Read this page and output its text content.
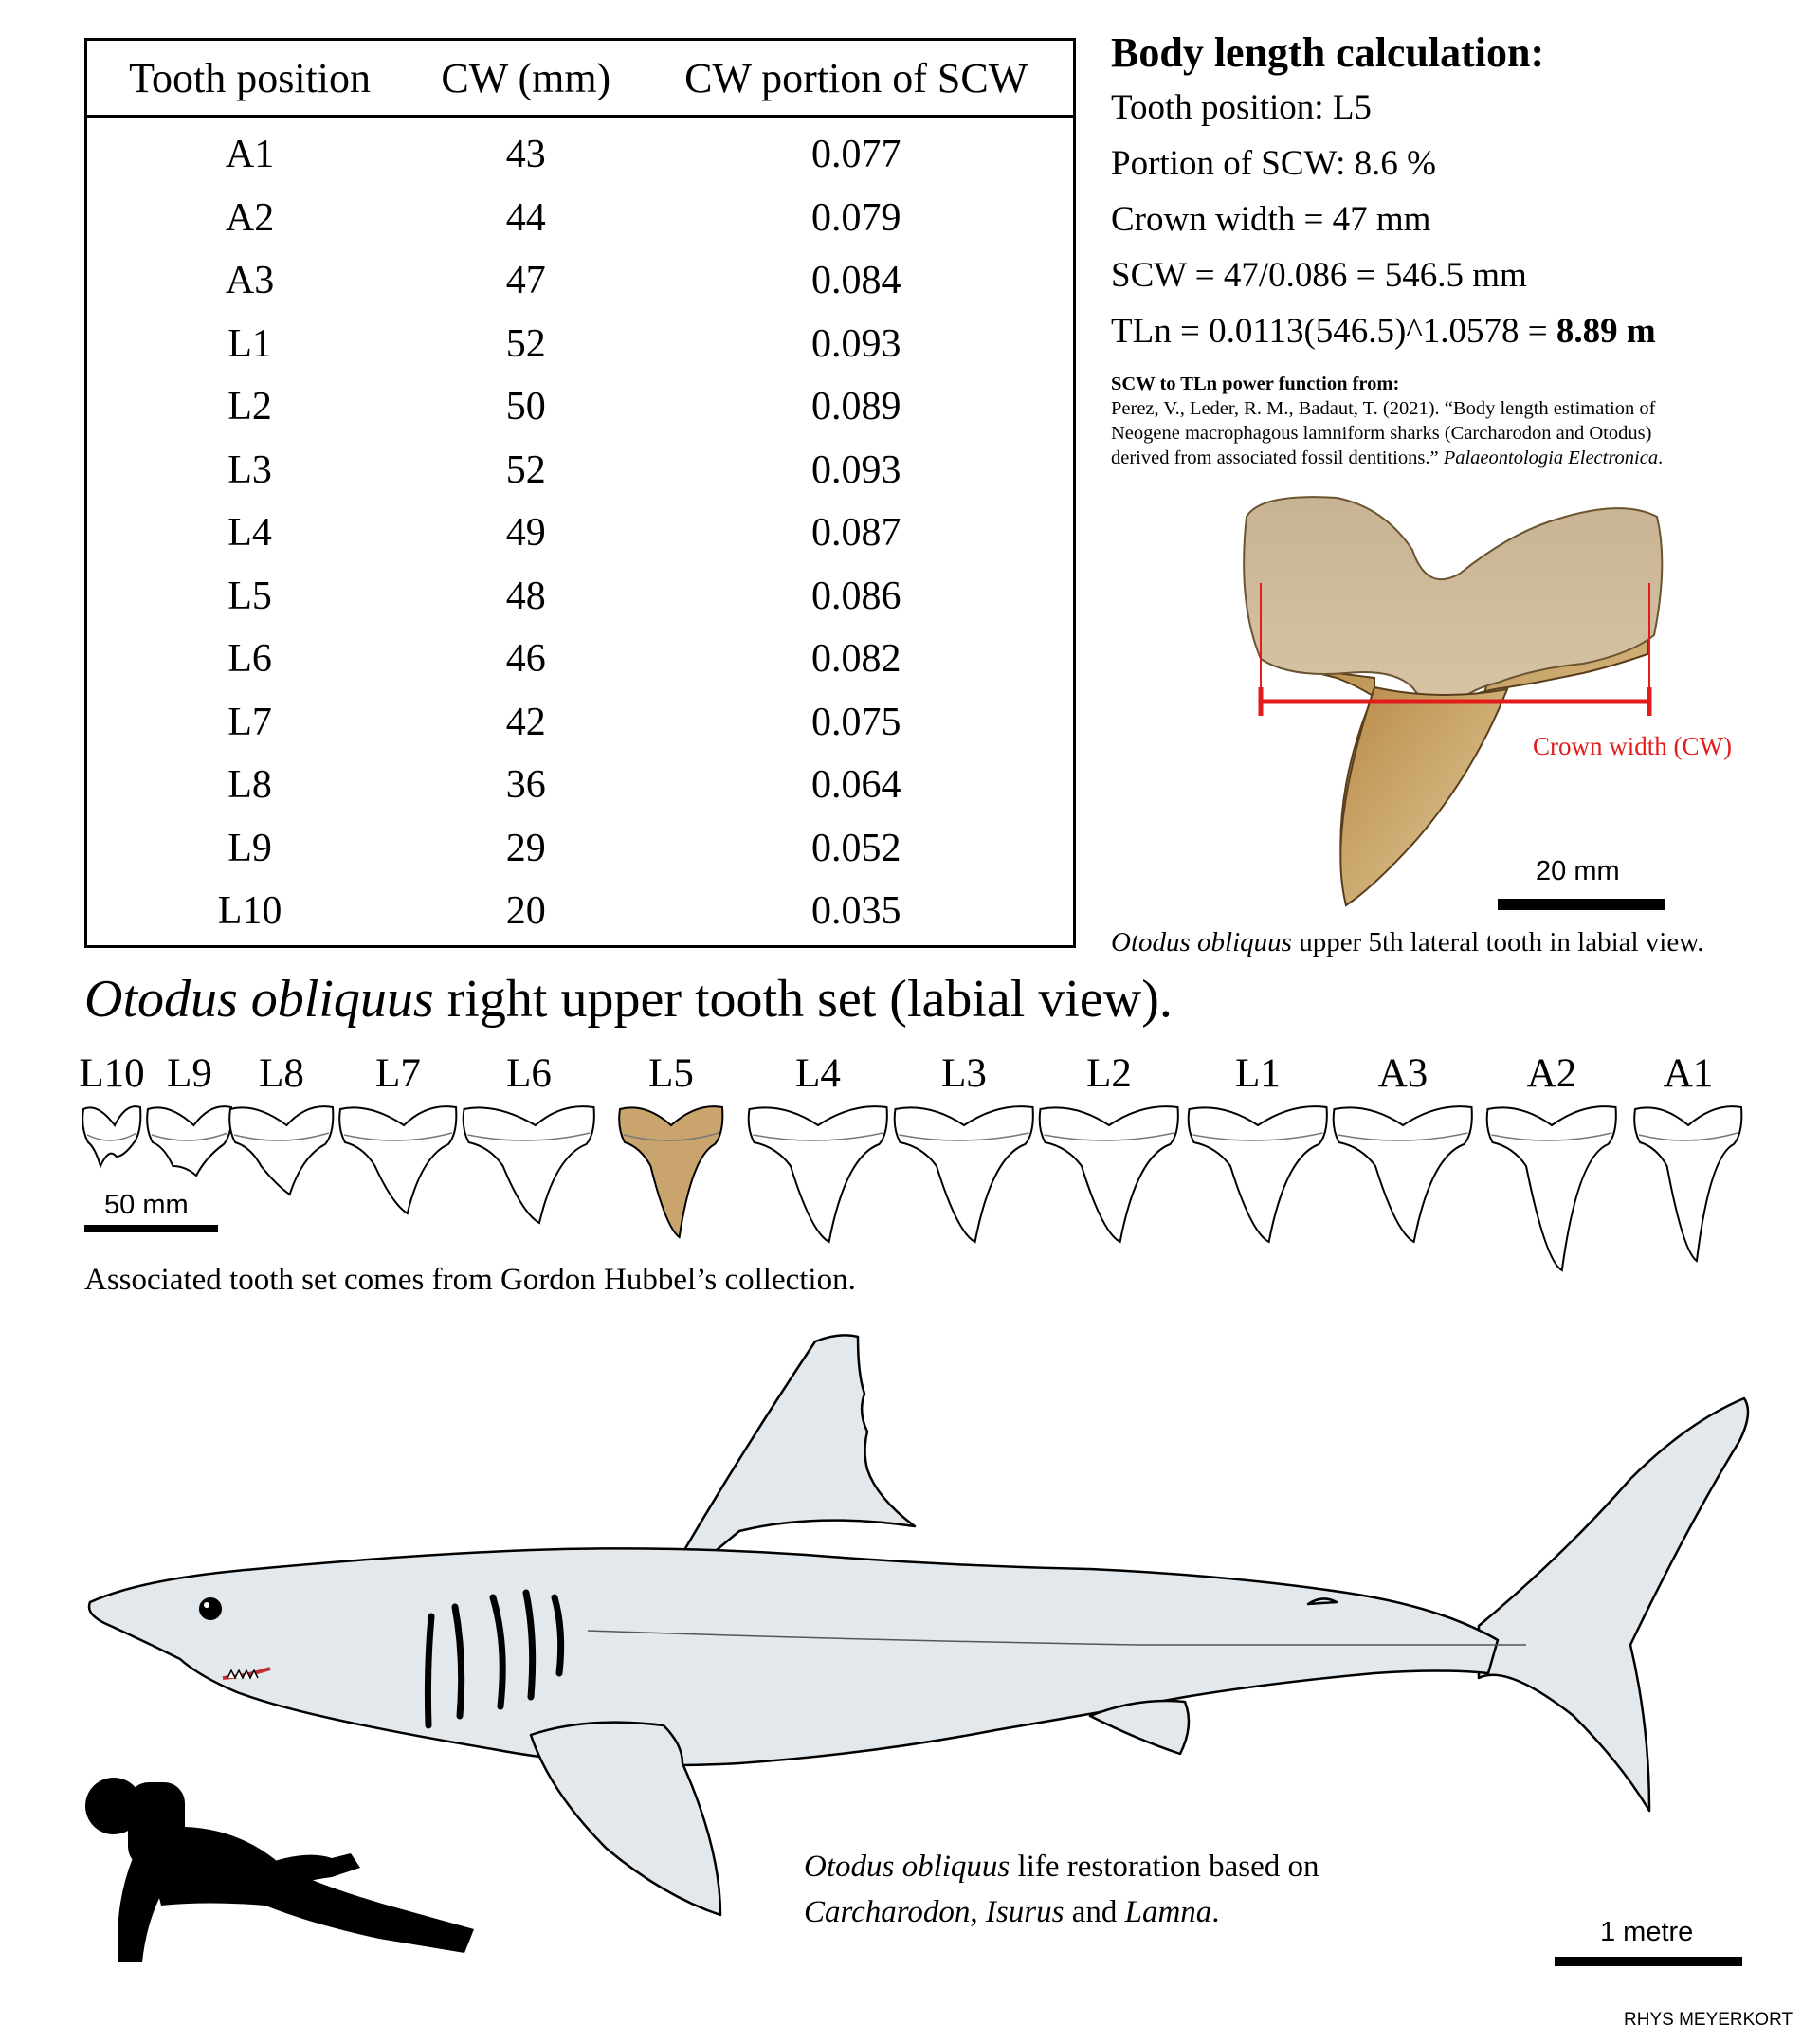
Tooth position	CW (mm)	CW portion of SCW
A1	43	0.077
A2	44	0.079
A3	47	0.084
L1	52	0.093
L2	50	0.089
L3	52	0.093
L4	49	0.087
L5	48	0.086
L6	46	0.082
L7	42	0.075
L8	36	0.064
L9	29	0.052
L10	20	0.035
Body length calculation:
Tooth position: L5
Portion of SCW: 8.6 %
Crown width = 47 mm
SCW = 47/0.086 = 546.5 mm
TLn = 0.0113(546.5)^1.0578 = 8.89 m
SCW to TLn power function from:
Perez, V., Leder, R. M., Badaut, T. (2021). “Body length estimation of
Neogene macrophagous lamniform sharks (Carcharodon and Otodus)
derived from associated fossil dentitions.” Palaeontologia Electronica.
Crown width (CW)
20 mm
Otodus obliquus upper 5th lateral tooth in labial view.
Otodus obliquus right upper tooth set (labial view).
L10 L9	L8	L7	L6	L5	L4	L3	L2	L1	A3	A2	A1
50 mm
Associated tooth set comes from Gordon Hubbel’s collection.
Otodus obliquus life restoration based on
Carcharodon, Isurus and Lamna.
1 metre
RHYS MEYERKORT
